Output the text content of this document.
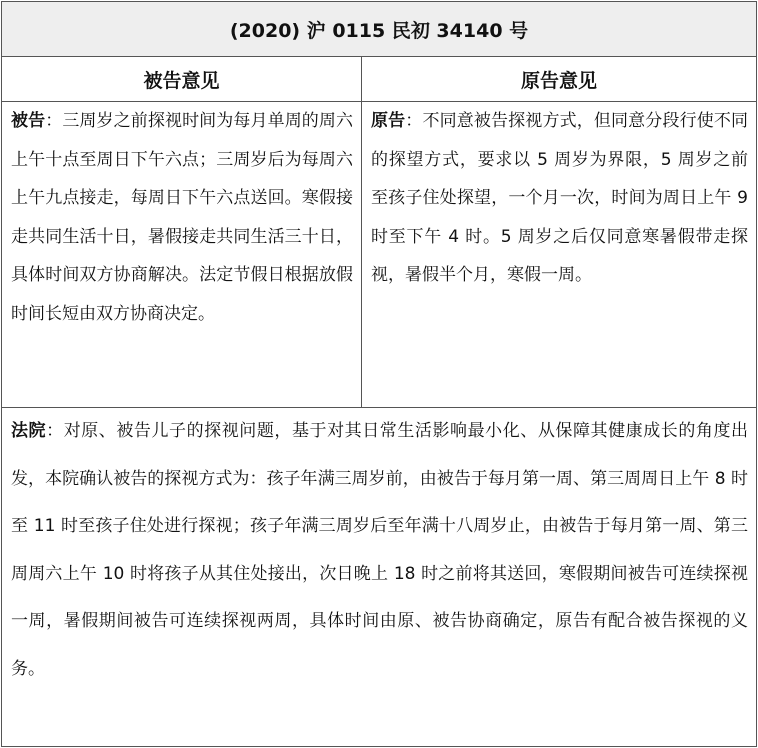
(2020) 沪 0115 民初 34140 号
被告意见	原告意见
被告：三周岁之前探视时间为每月单周的周六上午十点至周日下午六点；三周岁后为每周六上午九点接走，每周日下午六点送回。寒假接走共同生活十日，暑假接走共同生活三十日，具体时间双方协商解决。法定节假日根据放假时间长短由双方协商决定。
原告：不同意被告探视方式，但同意分段行使不同的探望方式，要求以 5 周岁为界限，5 周岁之前至孩子住处探望，一个月一次，时间为周日上午 9 时至下午 4 时。5 周岁之后仅同意寒暑假带走探视，暑假半个月，寒假一周。
法院：对原、被告儿子的探视问题，基于对其日常生活影响最小化、从保障其健康成长的角度出发，本院确认被告的探视方式为：孩子年满三周岁前，由被告于每月第一周、第三周周日上午 8 时至 11 时至孩子住处进行探视；孩子年满三周岁后至年满十八周岁止，由被告于每月第一周、第三周周六上午 10 时将孩子从其住处接出，次日晚上 18 时之前将其送回，寒假期间被告可连续探视一周，暑假期间被告可连续探视两周，具体时间由原、被告协商确定，原告有配合被告探视的义务。
